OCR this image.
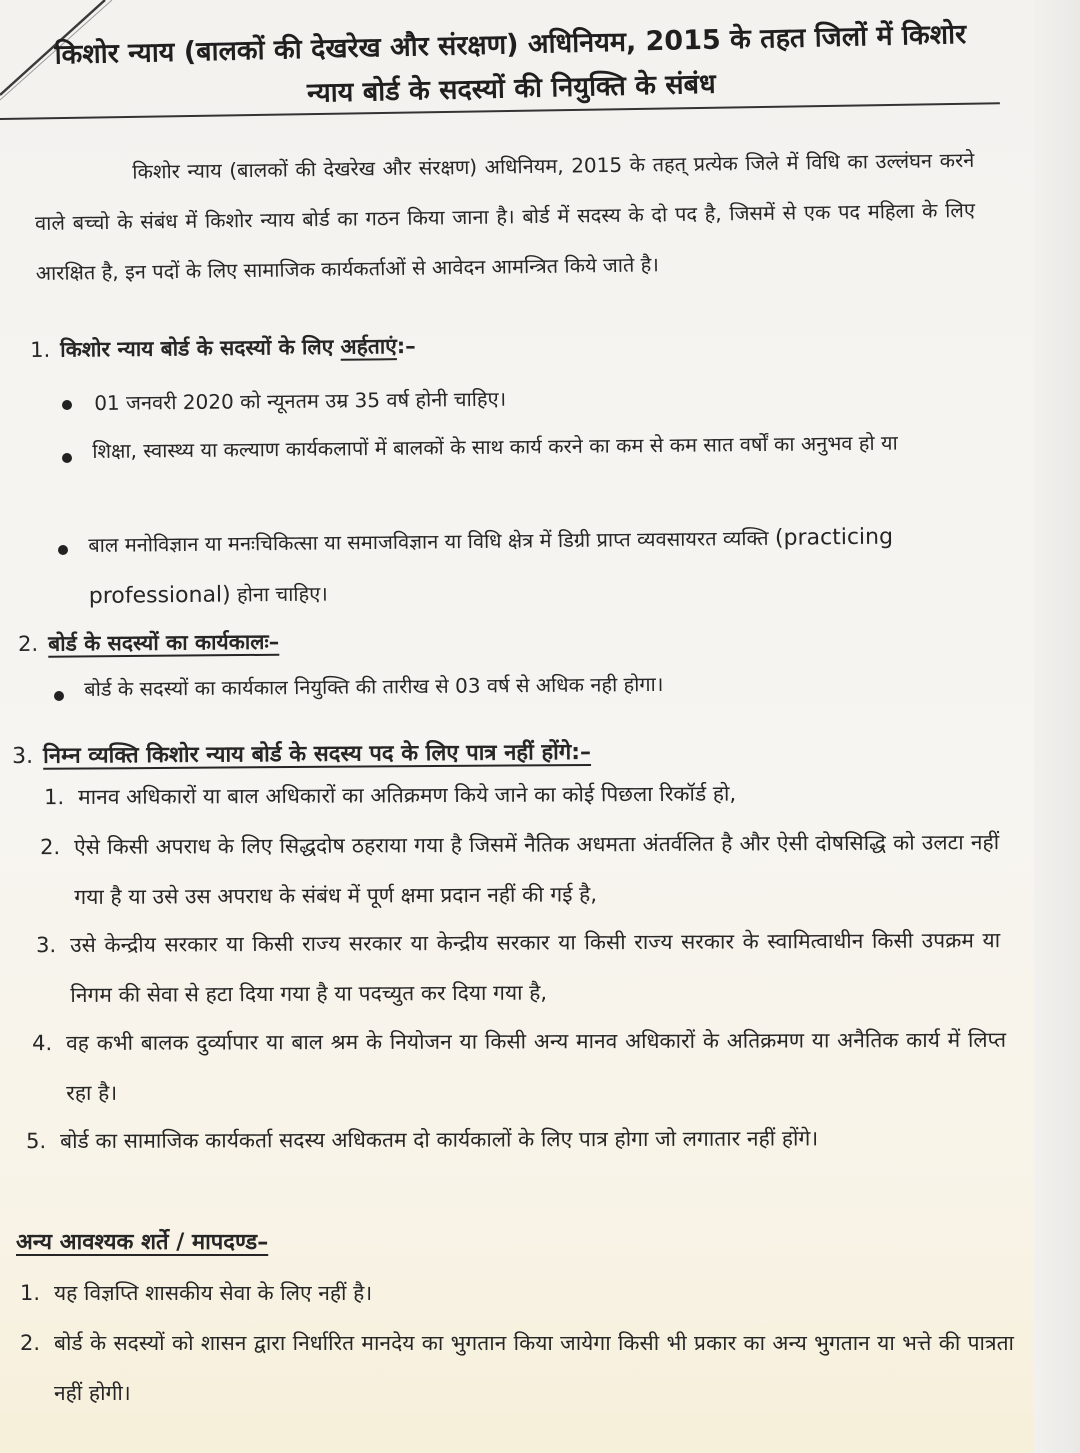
किशोर न्याय (बालकों की देखरेख और संरक्षण) अधिनियम, 2015 के तहत जिलों में किशोर न्याय बोर्ड के सदस्यों की नियुक्ति के संबंध
किशोर न्याय (बालकों की देखरेख और संरक्षण) अधिनियम, 2015 के तहत् प्रत्येक जिले में विधि का उल्लंघन करने वाले बच्चो के संबंध में किशोर न्याय बोर्ड का गठन किया जाना है। बोर्ड में सदस्य के दो पद है, जिसमें से एक पद महिला के लिए आरक्षित है, इन पदों के लिए सामाजिक कार्यकर्ताओं से आवेदन आमन्त्रित किये जाते है।
1. किशोर न्याय बोर्ड के सदस्यों के लिए अर्हताएं:–
01 जनवरी 2020 को न्यूनतम उम्र 35 वर्ष होनी चाहिए।
शिक्षा, स्वास्थ्य या कल्याण कार्यकलापों में बालकों के साथ कार्य करने का कम से कम सात वर्षों का अनुभव हो या
बाल मनोविज्ञान या मनःचिकित्सा या समाजविज्ञान या विधि क्षेत्र में डिग्री प्राप्त व्यवसायरत व्यक्ति (practicing professional) होना चाहिए।
2. बोर्ड के सदस्यों का कार्यकालः–
बोर्ड के सदस्यों का कार्यकाल नियुक्ति की तारीख से 03 वर्ष से अधिक नही होगा।
3. निम्न व्यक्ति किशोर न्याय बोर्ड के सदस्य पद के लिए पात्र नहीं होंगे:–
1. मानव अधिकारों या बाल अधिकारों का अतिक्रमण किये जाने का कोई पिछला रिकॉर्ड हो,
2. ऐसे किसी अपराध के लिए सिद्धदोष ठहराया गया है जिसमें नैतिक अधमता अंतर्वलित है और ऐसी दोषसिद्धि को उलटा नहीं गया है या उसे उस अपराध के संबंध में पूर्ण क्षमा प्रदान नहीं की गई है,
3. उसे केन्द्रीय सरकार या किसी राज्य सरकार या केन्द्रीय सरकार या किसी राज्य सरकार के स्वामित्वाधीन किसी उपक्रम या निगम की सेवा से हटा दिया गया है या पदच्युत कर दिया गया है,
4. वह कभी बालक दुर्व्यापार या बाल श्रम के नियोजन या किसी अन्य मानव अधिकारों के अतिक्रमण या अनैतिक कार्य में लिप्त रहा है।
5. बोर्ड का सामाजिक कार्यकर्ता सदस्य अधिकतम दो कार्यकालों के लिए पात्र होगा जो लगातार नहीं होंगे।
अन्य आवश्यक शर्ते / मापदण्ड–
1. यह विज्ञप्ति शासकीय सेवा के लिए नहीं है।
2. बोर्ड के सदस्यों को शासन द्वारा निर्धारित मानदेय का भुगतान किया जायेगा किसी भी प्रकार का अन्य भुगतान या भत्ते की पात्रता नहीं होगी।
